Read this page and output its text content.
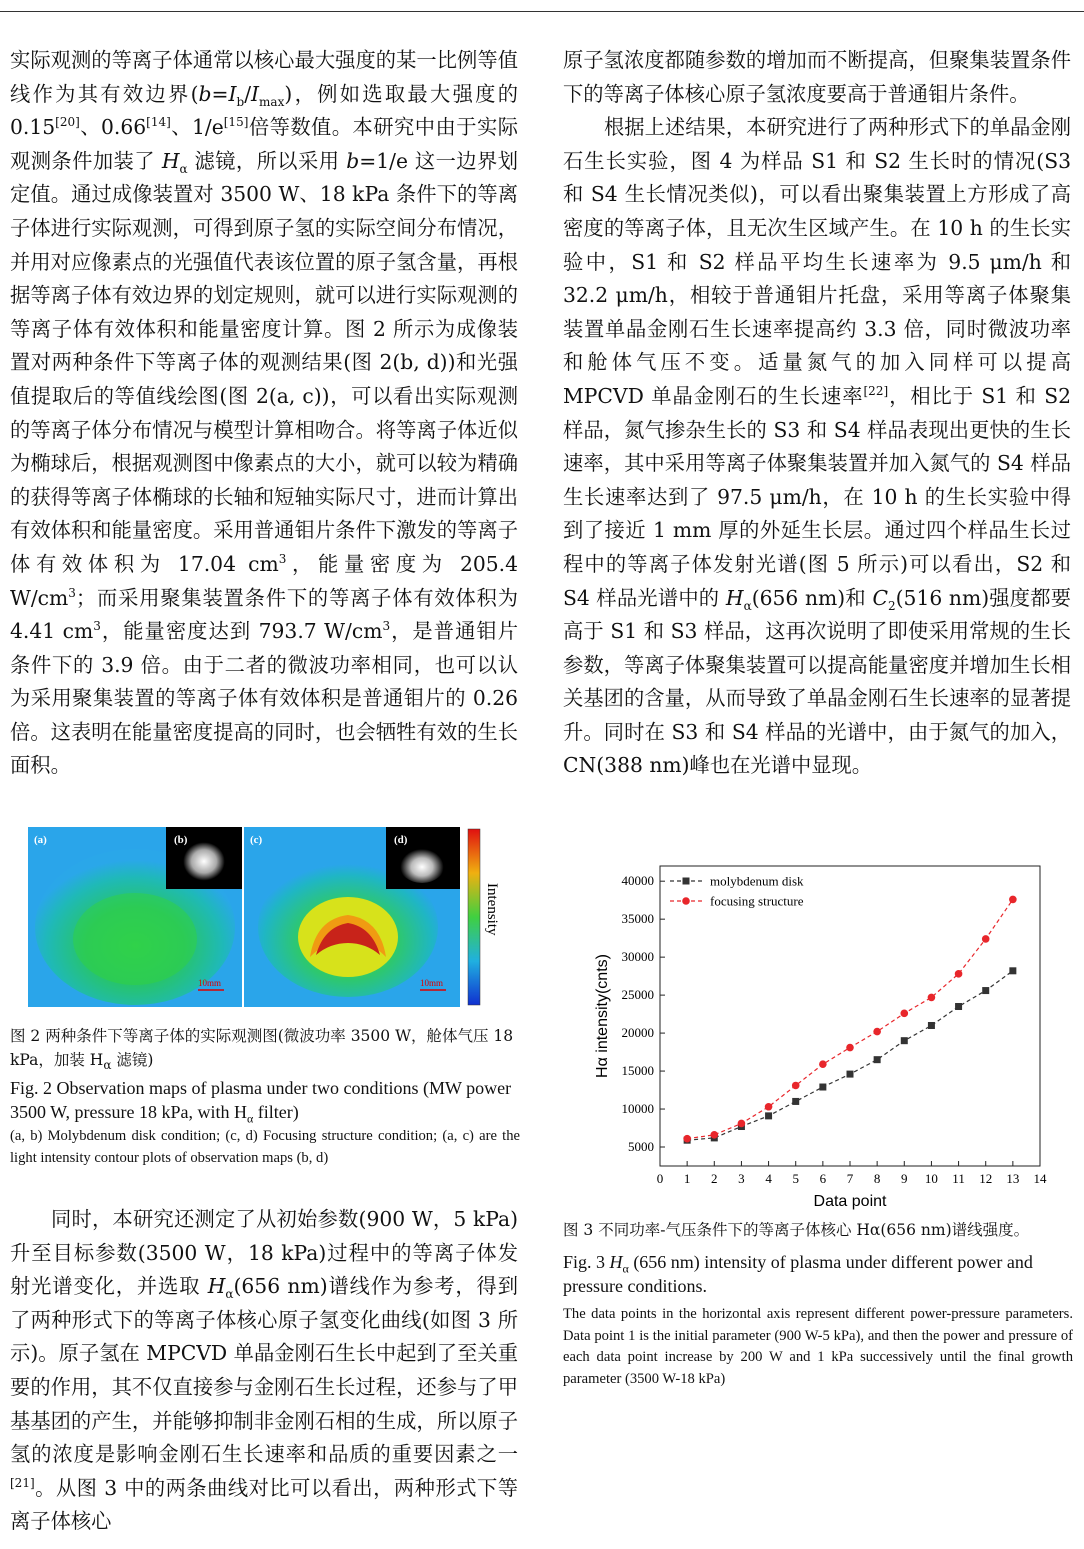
实际观测的等离子体通常以核心最大强度的某一比例等值线作为其有效边界$(b=I_b/I_{max})$，例如选取最大强度的 0.15[20]、0.66[14]、1/e[15]倍等数值。本研究中由于实际观测条件加装了 $H_\alpha$ 滤镜，所以采用 b=1/e 这一边界划定值。通过成像装置对 3500 W、18 kPa 条件下的等离子体进行实际观测，可得到原子氢的实际空间分布情况，并用对应像素点的光强值代表该位置的原子氢含量，再根据等离子体有效边界的划定规则，就可以进行实际观测的等离子体有效体积和能量密度计算。图 2 所示为成像装置对两种条件下等离子体的观测结果(图 2(b, d))和光强值提取后的等值线绘图(图 2(a, c))，可以看出实际观测的等离子体分布情况与模型计算相吻合。将等离子体近似为椭球后，根据观测图中像素点的大小，就可以较为精确的获得等离子体椭球的长轴和短轴实际尺寸，进而计算出有效体积和能量密度。采用普通钼片条件下激发的等离子体有效体积为 17.04 $cm^3$，能量密度为 205.4 $W/cm^3$；而采用聚集装置条件下的等离子体有效体积为 4.41 $cm^3$，能量密度达到 793.7 $W/cm^3$，是普通钼片条件下的 3.9 倍。由于二者的微波功率相同，也可以认为采用聚集装置的等离子体有效体积是普通钼片的 0.26 倍。这表明在能量密度提高的同时，也会牺牲有效的生长面积。

(a)	(b)
10mm
(c)	(d)
10mm
Intensity

图 2 两种条件下等离子体的实际观测图(微波功率 3500 W，舱体气压 18 kPa，加装 $H_\alpha$ 滤镜)

Fig. 2 Observation maps of plasma under two conditions (MW power 3500 W, pressure 18 kPa, with $H_\alpha$ filter)

(a, b) Molybdenum disk condition; (c, d) Focusing structure condition; (a, c) are the light intensity contour plots of observation maps (b, d)

同时，本研究还测定了从初始参数(900 W，5 kPa)升至目标参数(3500 W，18 kPa)过程中的等离子体发射光谱变化，并选取 $H_\alpha(656$ nm)谱线作为参考，得到了两种形式下的等离子体核心原子氢变化曲线(如图 3 所示)。原子氢在 MPCVD 单晶金刚石生长中起到了至关重要的作用，其不仅直接参与金刚石生长过程，还参与了甲基基团的产生，并能够抑制非金刚石相的生成，所以原子氢的浓度是影响金刚石生长速率和品质的重要因素之一[21]。从图 3 中的两条曲线对比可以看出，两种形式下等离子体核心

原子氢浓度都随参数的增加而不断提高，但聚集装置条件下的等离子体核心原子氢浓度要高于普通钼片条件。

根据上述结果，本研究进行了两种形式下的单晶金刚石生长实验，图 4 为样品 S1 和 S2 生长时的情况(S3 和 S4 生长情况类似)，可以看出聚集装置上方形成了高密度的等离子体，且无次生区域产生。在 10 h 的生长实验中，S1 和 S2 样品平均生长速率为 9.5 μm/h 和 32.2 μm/h，相较于普通钼片托盘，采用等离子体聚集装置单晶金刚石生长速率提高约 3.3 倍，同时微波功率和舱体气压不变。适量氮气的加入同样可以提高 MPCVD 单晶金刚石的生长速率[22]，相比于 S1 和 S2 样品，氮气掺杂生长的 S3 和 S4 样品表现出更快的生长速率，其中采用等离子体聚集装置并加入氮气的 S4 样品生长速率达到了 97.5 μm/h，在 10 h 的生长实验中得到了接近 1 mm 厚的外延生长层。通过四个样品生长过程中的等离子体发射光谱(图 5 所示)可以看出，S2 和 S4 样品光谱中的 $H_\alpha(656$ nm)和 $C_2(516$ nm)强度都要高于 S1 和 S3 样品，这再次说明了即使采用常规的生长参数，等离子体聚集装置可以提高能量密度并增加生长相关基团的含量，从而导致了单晶金刚石生长速率的显著提升。同时在 S3 和 S4 样品的光谱中，由于氮气的加入，CN(388 nm)峰也在光谱中显现。

0 1 2 3 4 5 6 7 8 9 10 11 12 13 14
5000
10000
15000
20000
25000
30000
35000
40000
Data point
Hα intensity(cnts)
molybdenum disk
focusing structure

图 3 不同功率-气压条件下的等离子体核心 Hα(656 nm)谱线强度。

Fig. 3 $H_\alpha$ (656 nm) intensity of plasma under different power and pressure conditions.

The data points in the horizontal axis represent different power-pressure parameters. Data point 1 is the initial parameter (900 W-5 kPa), and then the power and pressure of each data point increase by 200 W and 1 kPa successively until the final growth parameter (3500 W-18 kPa)
